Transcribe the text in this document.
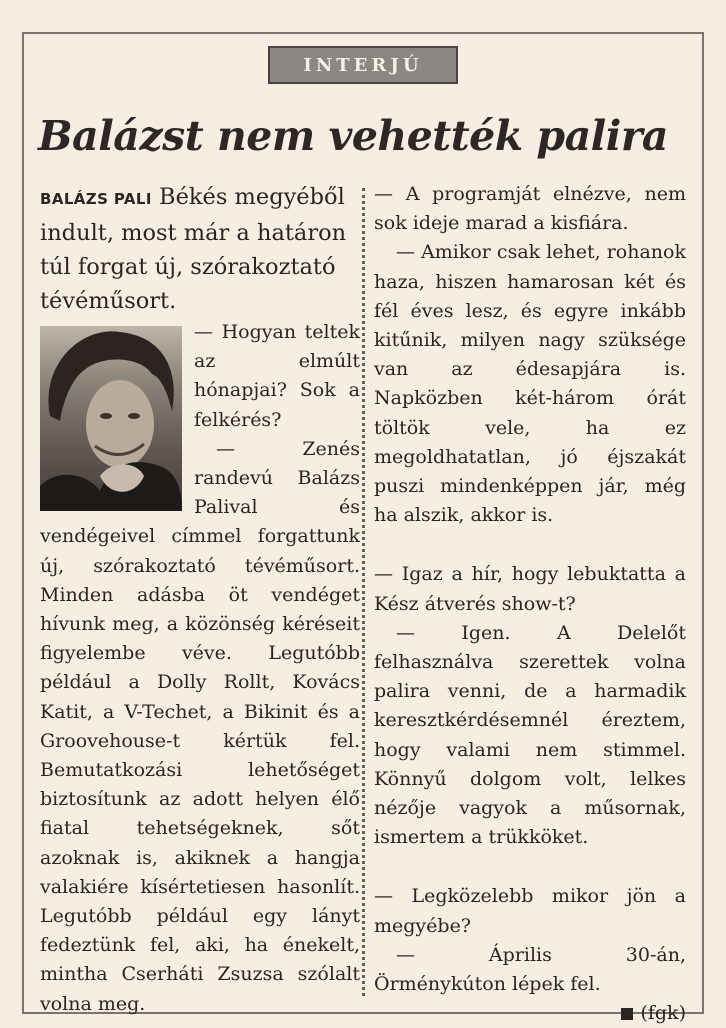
INTERJÚ
Balázst nem vehették palira

BALÁZS PALI Békés megyéből indult, most már a határon túl forgat új, szórakoztató tévéműsort.

— Hogyan teltek az elmúlt hónapjai? Sok a felkérés?

— Zenés randevú Balázs Palival és vendégeivel címmel forgattunk új, szórakoztató tévéműsort. Minden adásba öt vendéget hívunk meg, a közönség kéréseit figyelembe véve. Legutóbb például a Dolly Rollt, Kovács Katit, a V-Techet, a Bikinit és a Groovehouse-t kértük fel. Bemutatkozási lehetőséget biztosítunk az adott helyen élő fiatal tehetségeknek, sőt azoknak is, akiknek a hangja valakiére kísértetiesen hasonlít. Legutóbb például egy lányt fedeztünk fel, aki, ha énekelt, mintha Cserháti Zsuzsa szólalt volna meg.

— A programját elnézve, nem sok ideje marad a kisfiára.

— Amikor csak lehet, rohanok haza, hiszen hamarosan két és fél éves lesz, és egyre inkább kitűnik, milyen nagy szüksége van az édesapjára is. Napközben két-három órát töltök vele, ha ez megoldhatatlan, jó éjszakát puszi mindenképpen jár, még ha alszik, akkor is.

— Igaz a hír, hogy lebuktatta a Kész átverés show-t?

— Igen. A Delelőt felhasználva szerettek volna palira venni, de a harmadik keresztkérdésemnél éreztem, hogy valami nem stimmel. Könnyű dolgom volt, lelkes nézője vagyok a műsornak, ismertem a trükköket.

— Legközelebb mikor jön a megyébe?

— Április 30-án, Örménykúton lépek fel.

(fgk)
